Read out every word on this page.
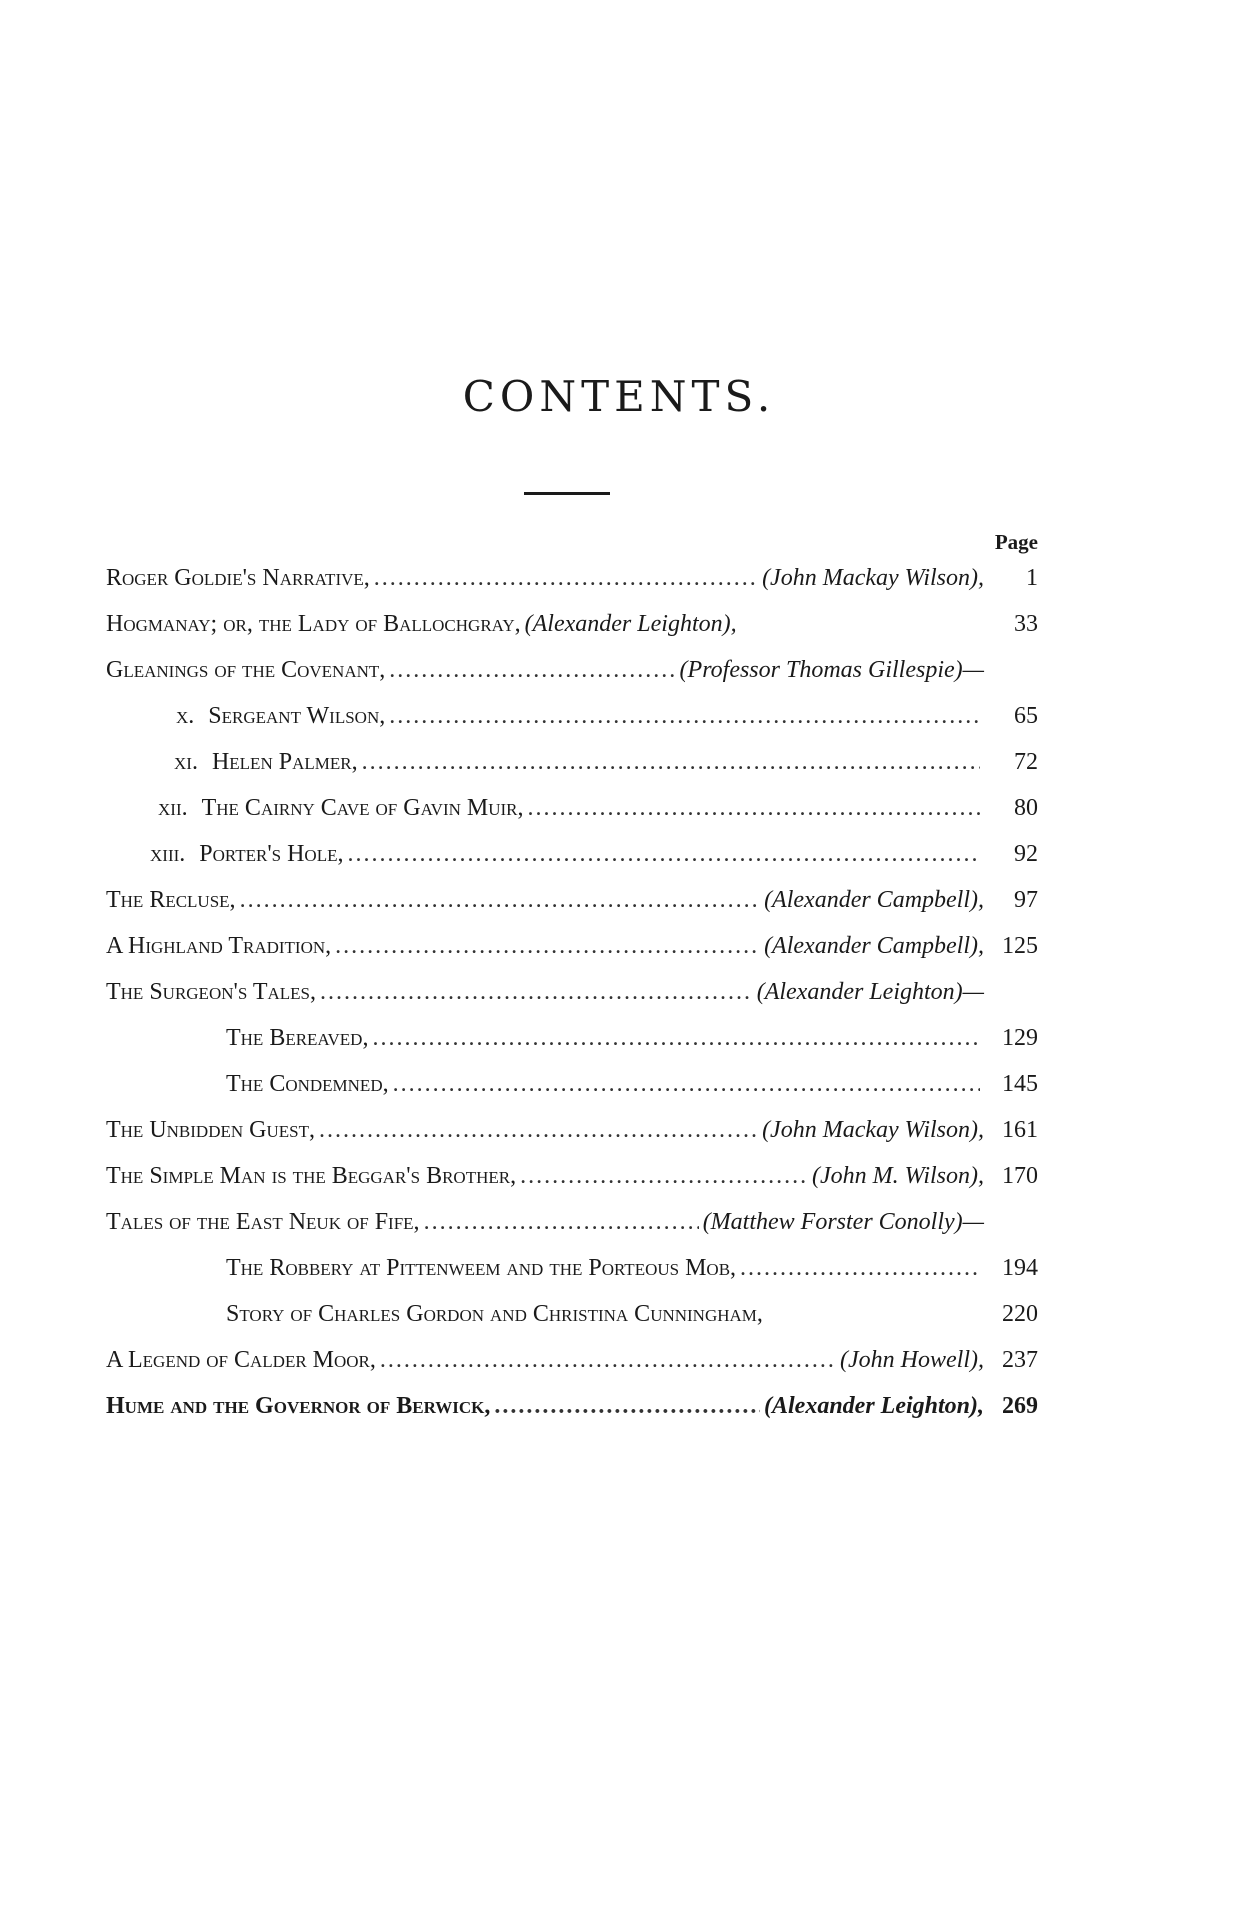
CONTENTS.
Page
Roger Goldie's Narrative, .....	(John Mackay Wilson),	1
Hogmanay; or, the Lady of Ballochgray, (Alexander Leighton),	33
Gleanings of the Covenant, .....	(Professor Thomas Gillespie)—
x. Sergeant Wilson, .....	65
xi. Helen Palmer, .....	72
xii. The Cairny Cave of Gavin Muir, .....	80
xiii. Porter's Hole, .....	92
The Recluse, .....	(Alexander Campbell),	97
A Highland Tradition, .....	(Alexander Campbell), 125
The Surgeon's Tales, .....	(Alexander Leighton)—
The Bereaved, .....	129
The Condemned, .....	145
The Unbidden Guest, .....	(John Mackay Wilson), 161
The Simple Man is the Beggar's Brother, .....	(John M. Wilson), 170
Tales of the East Neuk of Fife, .....	(Matthew Forster Conolly)—
The Robbery at Pittenweem and the Porteous Mob, .....	194
Story of Charles Gordon and Christina Cunningham,	220
A Legend of Calder Moor, .....	(John Howell), 237
Hume and the Governor of Berwick, .....	(Alexander Leighton), 269
